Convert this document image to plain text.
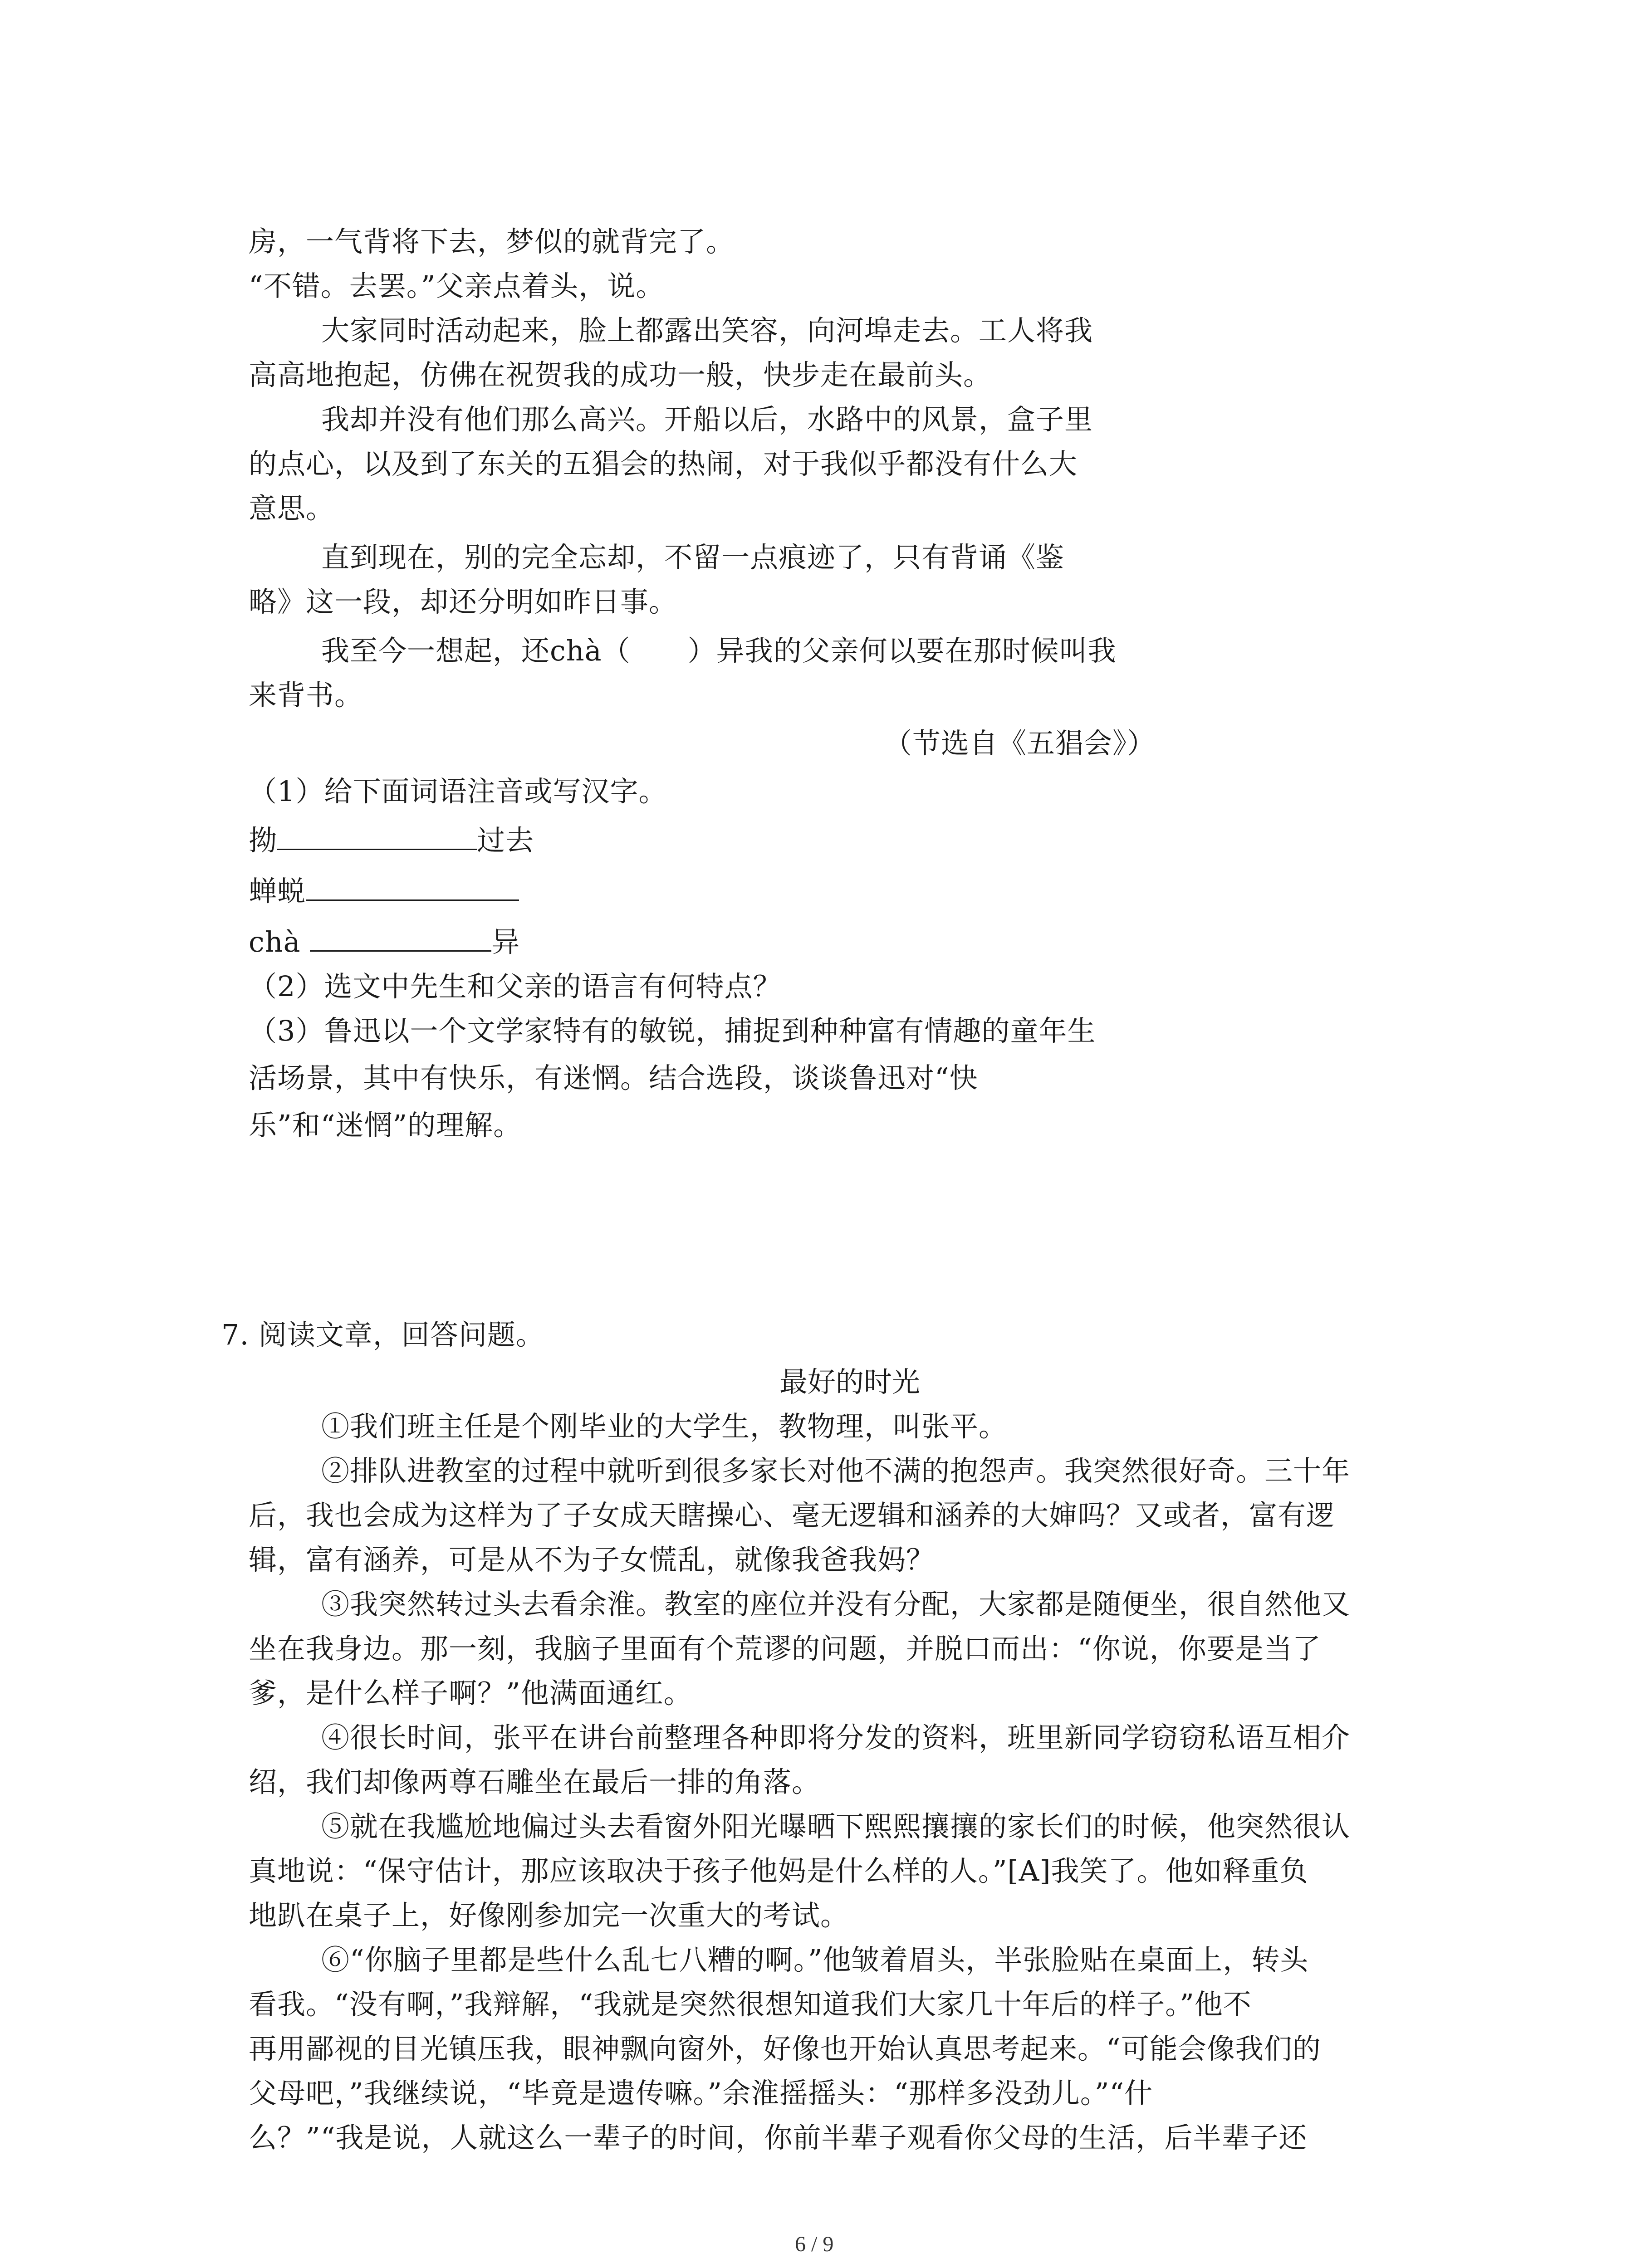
房，一气背将下去，梦似的就背完了。
“不错。去罢。”父亲点着头，说。
大家同时活动起来，脸上都露出笑容，向河埠走去。工人将我
高高地抱起，仿佛在祝贺我的成功一般，快步走在最前头。
我却并没有他们那么高兴。开船以后，水路中的风景，盒子里
的点心，以及到了东关的五猖会的热闹，对于我似乎都没有什么大
意思。
直到现在，别的完全忘却，不留一点痕迹了，只有背诵《鉴
略》这一段，却还分明如昨日事。
我至今一想起，还chà（　　）异我的父亲何以要在那时候叫我
来背书。
（节选自《五猖会》）
（1）给下面词语注音或写汉字。
拗	过去
蝉蜕
chà	异
（2）选文中先生和父亲的语言有何特点？
（3）鲁迅以一个文学家特有的敏锐，捕捉到种种富有情趣的童年生
活场景，其中有快乐，有迷惘。结合选段，谈谈鲁迅对“快
乐”和“迷惘”的理解。
7. 阅读文章，回答问题。
最好的时光
①我们班主任是个刚毕业的大学生，教物理，叫张平。
②排队进教室的过程中就听到很多家长对他不满的抱怨声。我突然很好奇。三十年
后，我也会成为这样为了子女成天瞎操心、毫无逻辑和涵养的大婶吗？又或者，富有逻
辑，富有涵养，可是从不为子女慌乱，就像我爸我妈？
③我突然转过头去看余淮。教室的座位并没有分配，大家都是随便坐，很自然他又
坐在我身边。那一刻，我脑子里面有个荒谬的问题，并脱口而出：“你说，你要是当了
爹，是什么样子啊？”他满面通红。
④很长时间，张平在讲台前整理各种即将分发的资料，班里新同学窃窃私语互相介
绍，我们却像两尊石雕坐在最后一排的角落。
⑤就在我尴尬地偏过头去看窗外阳光曝晒下熙熙攘攘的家长们的时候，他突然很认
真地说：“保守估计，那应该取决于孩子他妈是什么样的人。”[A]我笑了。他如释重负
地趴在桌子上，好像刚参加完一次重大的考试。
⑥“你脑子里都是些什么乱七八糟的啊。”他皱着眉头，半张脸贴在桌面上，转头
看我。“没有啊，”我辩解，“我就是突然很想知道我们大家几十年后的样子。”他不
再用鄙视的目光镇压我，眼神飘向窗外，好像也开始认真思考起来。“可能会像我们的
父母吧，”我继续说，“毕竟是遗传嘛。”余淮摇摇头：“那样多没劲儿。”“什
么？”“我是说，人就这么一辈子的时间，你前半辈子观看你父母的生活，后半辈子还
6 / 9
